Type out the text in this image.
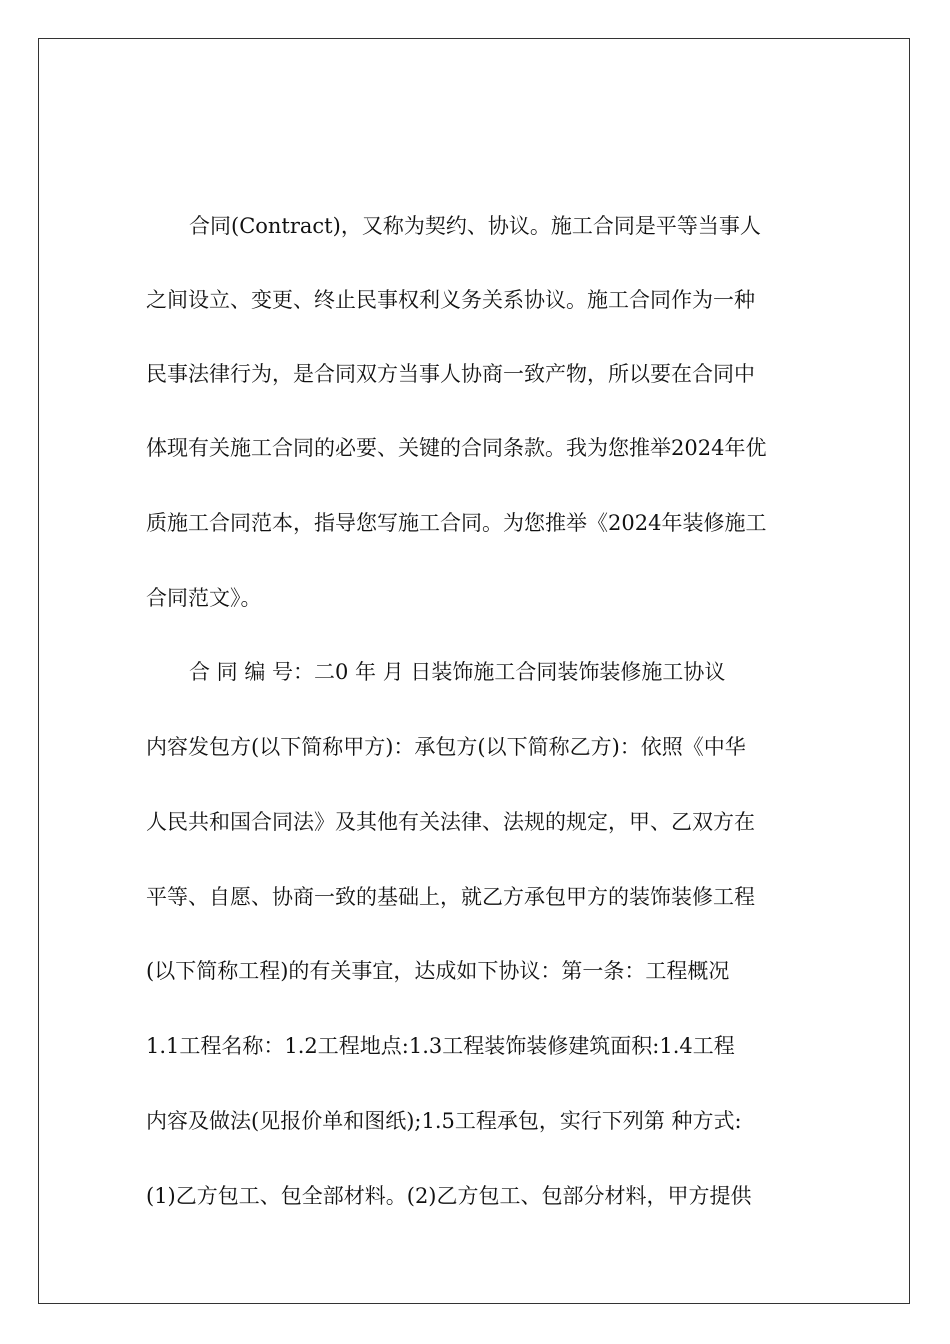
合同(Contract)，又称为契约、协议。施工合同是平等当事人
之间设立、变更、终止民事权利义务关系协议。施工合同作为一种
民事法律行为，是合同双方当事人协商一致产物，所以要在合同中
体现有关施工合同的必要、关键的合同条款。我为您推举2024年优
质施工合同范本，指导您写施工合同。为您推举《2024年装修施工
合同范文》。
合 同 编 号：二0 年 月 日装饰施工合同装饰装修施工协议
内容发包方(以下简称甲方)：承包方(以下简称乙方)：依照《中华
人民共和国合同法》及其他有关法律、法规的规定，甲、乙双方在
平等、自愿、协商一致的基础上，就乙方承包甲方的装饰装修工程
(以下简称工程)的有关事宜，达成如下协议：第一条：工程概况
1.1工程名称：1.2工程地点:1.3工程装饰装修建筑面积:1.4工程
内容及做法(见报价单和图纸);1.5工程承包，实行下列第 种方式:
(1)乙方包工、包全部材料。(2)乙方包工、包部分材料，甲方提供
